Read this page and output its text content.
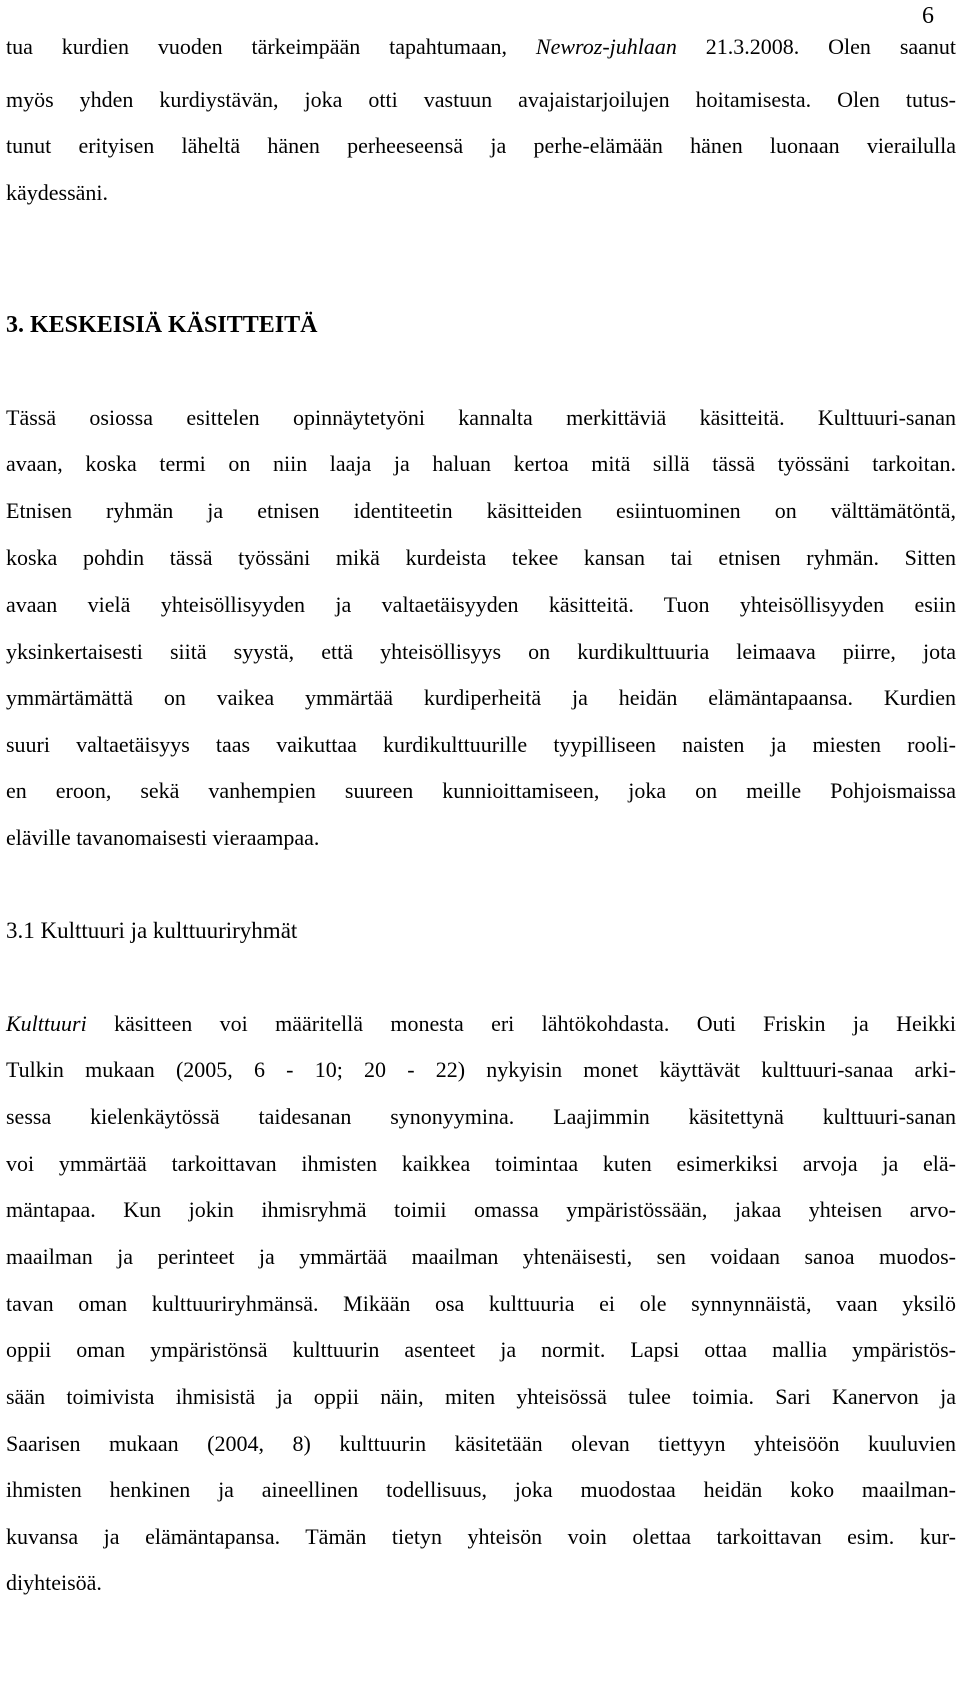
6
tua kurdien vuoden tärkeimpään tapahtumaan, Newroz-juhlaan 21.3.2008. Olen saanut
myös yhden kurdiystävän, joka otti vastuun avajaistarjoilujen hoitamisesta. Olen tutus-
tunut erityisen läheltä hänen perheeseensä ja perhe-elämään hänen luonaan vierailulla
käydessäni.
3. KESKEISIÄ KÄSITTEITÄ
Tässä osiossa esittelen opinnäytetyöni kannalta merkittäviä käsitteitä. Kulttuuri-sanan
avaan, koska termi on niin laaja ja haluan kertoa mitä sillä tässä työssäni tarkoitan.
Etnisen ryhmän ja etnisen identiteetin käsitteiden esiintuominen on välttämätöntä,
koska pohdin tässä työssäni mikä kurdeista tekee kansan tai etnisen ryhmän. Sitten
avaan vielä yhteisöllisyyden ja valtaetäisyyden käsitteitä. Tuon yhteisöllisyyden esiin
yksinkertaisesti siitä syystä, että yhteisöllisyys on kurdikulttuuria leimaava piirre, jota
ymmärtämättä on vaikea ymmärtää kurdiperheitä ja heidän elämäntapaansa. Kurdien
suuri valtaetäisyys taas vaikuttaa kurdikulttuurille tyypilliseen naisten ja miesten rooli-
en eroon, sekä vanhempien suureen kunnioittamiseen, joka on meille Pohjoismaissa
eläville tavanomaisesti vieraampaa.
3.1 Kulttuuri ja kulttuuriryhmät
Kulttuuri käsitteen voi määritellä monesta eri lähtökohdasta. Outi Friskin ja Heikki
Tulkin mukaan (2005, 6 - 10; 20 - 22) nykyisin monet käyttävät kulttuuri-sanaa arki-
sessa kielenkäytössä taidesanan synonyymina. Laajimmin käsitettynä kulttuuri-sanan
voi ymmärtää tarkoittavan ihmisten kaikkea toimintaa kuten esimerkiksi arvoja ja elä-
mäntapaa. Kun jokin ihmisryhmä toimii omassa ympäristössään, jakaa yhteisen arvo-
maailman ja perinteet ja ymmärtää maailman yhtenäisesti, sen voidaan sanoa muodos-
tavan oman kulttuuriryhmänsä. Mikään osa kulttuuria ei ole synnynnäistä, vaan yksilö
oppii oman ympäristönsä kulttuurin asenteet ja normit. Lapsi ottaa mallia ympäristös-
sään toimivista ihmisistä ja oppii näin, miten yhteisössä tulee toimia. Sari Kanervon ja
Saarisen mukaan (2004, 8) kulttuurin käsitetään olevan tiettyyn yhteisöön kuuluvien
ihmisten henkinen ja aineellinen todellisuus, joka muodostaa heidän koko maailman-
kuvansa ja elämäntapansa. Tämän tietyn yhteisön voin olettaa tarkoittavan esim. kur-
diyhteisöä.
